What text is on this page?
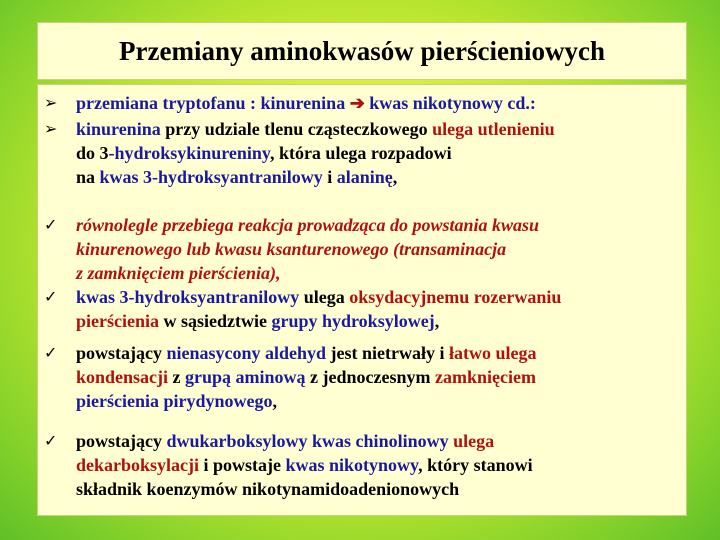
Przemiany aminokwasów pierścieniowych
➢	przemiana tryptofanu : kinurenina ➔ kwas nikotynowy cd.:
➢	kinurenina przy udziale tlenu cząsteczkowego ulega utlenieniu
do 3-hydroksykinureniny, która ulega rozpadowi
na kwas 3-hydroksyantranilowy i alaninę,
✓	równolegle przebiega reakcja prowadząca do powstania kwasu
kinurenowego lub kwasu ksanturenowego (transaminacja
z zamknięciem pierścienia),
✓	kwas 3-hydroksyantranilowy ulega oksydacyjnemu rozerwaniu
pierścienia w sąsiedztwie grupy hydroksylowej,
✓	powstający nienasycony aldehyd jest nietrwały i łatwo ulega
kondensacji z grupą aminową z jednoczesnym zamknięciem
pierścienia pirydynowego,
✓	powstający dwukarboksylowy kwas chinolinowy ulega
dekarboksylacji i powstaje kwas nikotynowy, który stanowi
składnik koenzymów nikotynamidoadenionowych
